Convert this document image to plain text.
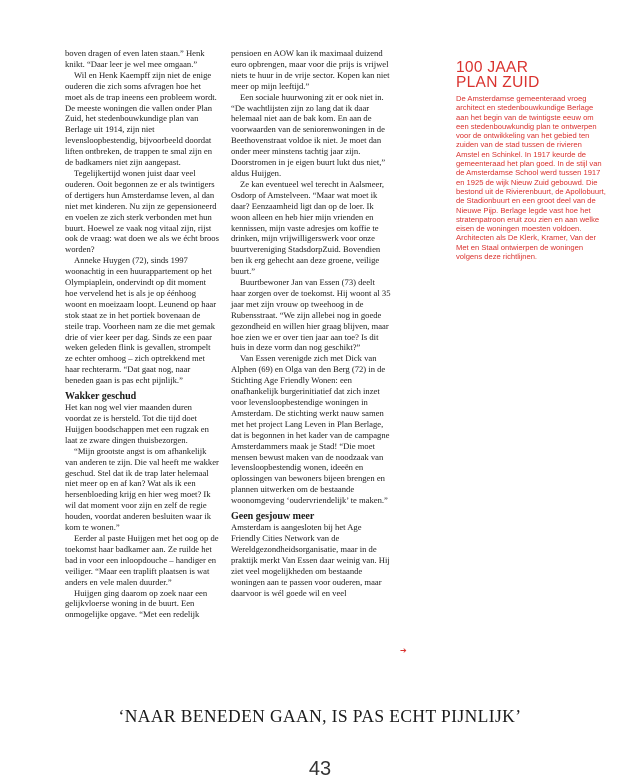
boven dragen of even laten staan.” Henk knikt. “Daar leer je wel mee omgaan.”

Wil en Henk Kaempff zijn niet de enige ouderen die zich soms afvragen hoe het moet als de trap ineens een probleem wordt. De meeste woningen die vallen onder Plan Zuid, het stedenbouwkundige plan van Berlage uit 1914, zijn niet levensloopbestendig, bijvoorbeeld doordat liften ontbreken, de trappen te smal zijn en de badkamers niet zijn aangepast.

Tegelijkertijd wonen juist daar veel ouderen. Ooit begonnen ze er als twintigers of dertigers hun Amsterdamse leven, al dan niet met kinderen. Nu zijn ze gepensioneerd en voelen ze zich sterk verbonden met hun buurt. Hoewel ze vaak nog vitaal zijn, rijst ook de vraag: wat doen we als we écht broos worden?

Anneke Huygen (72), sinds 1997 woonachtig in een huurappartement op het Olympiaplein, ondervindt op dit moment hoe vervelend het is als je op éénhoog woont en moeizaam loopt. Leunend op haar stok staat ze in het portiek bovenaan de steile trap. Voorheen nam ze die met gemak drie of vier keer per dag. Sinds ze een paar weken geleden flink is gevallen, strompelt ze echter omhoog – zich optrekkend met haar rechterarm. “Dat gaat nog, naar beneden gaan is pas echt pijnlijk.”

Wakker geschud

Het kan nog wel vier maanden duren voordat ze is hersteld. Tot die tijd doet Huijgen boodschappen met een rugzak en laat ze zware dingen thuisbezorgen.

“Mijn grootste angst is om afhankelijk van anderen te zijn. Die val heeft me wakker geschud. Stel dat ik de trap later helemaal niet meer op en af kan? Wat als ik een hersenbloeding krijg en hier weg moet? Ik wil dat moment voor zijn en zelf de regie houden, voordat anderen besluiten waar ik kom te wonen.”

Eerder al paste Huijgen met het oog op de toekomst haar badkamer aan. Ze ruilde het bad in voor een inloopdouche – handiger en veiliger. “Maar een traplift plaatsen is wat anders en vele malen duurder.”

Huijgen ging daarom op zoek naar een gelijkvloerse woning in de buurt. Een onmogelijke opgave. “Met een redelijk

pensioen en AOW kan ik maximaal duizend euro opbrengen, maar voor die prijs is vrijwel niets te huur in de vrije sector. Kopen kan niet meer op mijn leeftijd.”

Een sociale huurwoning zit er ook niet in. “De wachtlijsten zijn zo lang dat ik daar helemaal niet aan de bak kom. En aan de voorwaarden van de seniorenwoningen in de Beethovenstraat voldoe ik niet. Je moet dan onder meer minstens tachtig jaar zijn. Doorstromen in je eigen buurt lukt dus niet,” aldus Huijgen.

Ze kan eventueel wel terecht in Aalsmeer, Osdorp of Amstelveen. “Maar wat moet ik daar? Eenzaamheid ligt dan op de loer. Ik woon alleen en heb hier mijn vrienden en kennissen, mijn vaste adresjes om koffie te drinken, mijn vrijwilligerswerk voor onze buurtvereniging StadsdorpZuid. Bovendien ben ik erg gehecht aan deze groene, veilige buurt.”

Buurtbewoner Jan van Essen (73) deelt haar zorgen over de toekomst. Hij woont al 35 jaar met zijn vrouw op tweehoog in de Rubensstraat. “We zijn allebei nog in goede gezondheid en willen hier graag blijven, maar hoe zien we er over tien jaar aan toe? Is dit huis in deze vorm dan nog geschikt?”

Van Essen verenigde zich met Dick van Alphen (69) en Olga van den Berg (72) in de Stichting Age Friendly Wonen: een onafhankelijk burgerinitiatief dat zich inzet voor levensloopbestendige woningen in Amsterdam. De stichting werkt nauw samen met het project Lang Leven in Plan Berlage, dat is begonnen in het kader van de campagne Amsterdammers maak je Stad! “Die moet mensen bewust maken van de noodzaak van levensloopbestendig wonen, ideeën en oplossingen van bewoners bijeen brengen en plannen uitwerken om de bestaande woonomgeving ‘oudervriendelijk’ te maken.”

Geen gesjouw meer

Amsterdam is aangesloten bij het Age Friendly Cities Network van de Wereldgezondheidsorganisatie, maar in de praktijk merkt Van Essen daar weinig van. Hij ziet veel mogelijkheden om bestaande woningen aan te passen voor ouderen, maar daarvoor is wél goede wil en veel

➔
100 JAAR
PLAN ZUID

De Amsterdamse gemeenteraad vroeg architect en stedenbouwkundige Berlage aan het begin van de twintigste eeuw om een stedenbouwkundig plan te ontwerpen voor de ontwikkeling van het gebied ten zuiden van de stad tussen de rivieren Amstel en Schinkel. In 1917 keurde de gemeenteraad het plan goed. In de stijl van de Amsterdamse School werd tussen 1917 en 1925 de wijk Nieuw Zuid gebouwd. Die bestond uit de Rivierenbuurt, de Apollobuurt, de Stadionbuurt en een groot deel van de Nieuwe Pijp. Berlage legde vast hoe het stratenpatroon eruit zou zien en aan welke eisen de woningen moesten voldoen. Architecten als De Klerk, Kramer, Van der Met en Staal ontwierpen de woningen volgens deze richtlijnen.

‘NAAR BENEDEN GAAN, IS PAS ECHT PIJNLIJK’
43
